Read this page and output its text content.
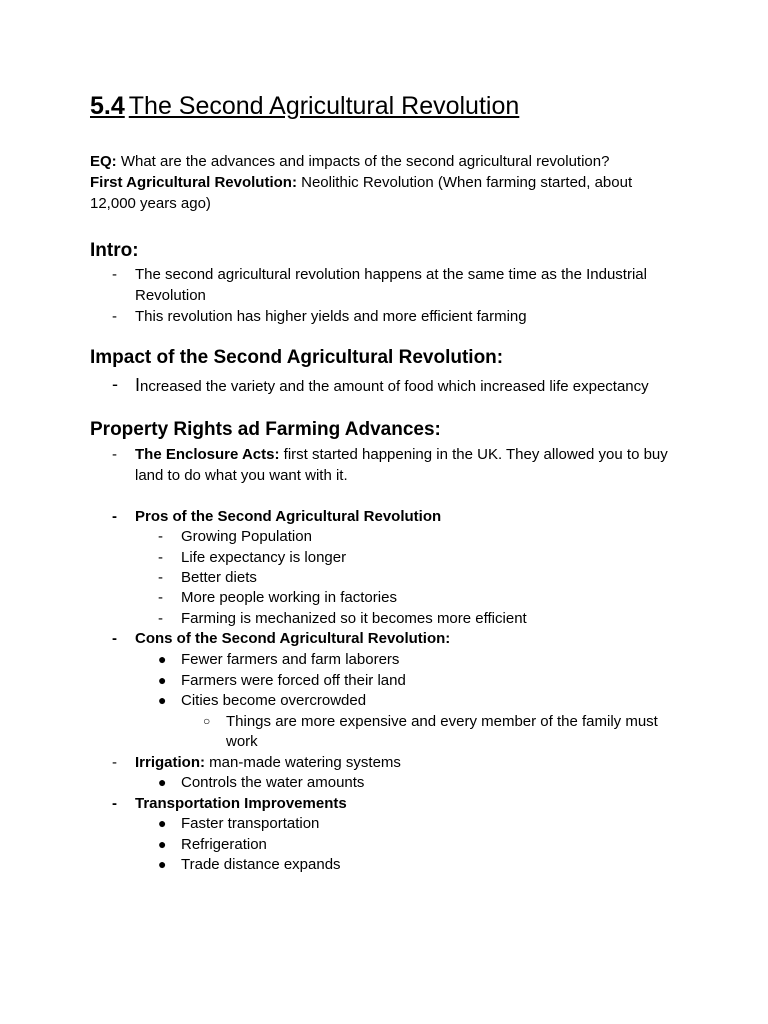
5.4 The Second Agricultural Revolution
EQ: What are the advances and impacts of the second agricultural revolution?
First Agricultural Revolution: Neolithic Revolution (When farming started, about
12,000 years ago)
Intro:
- The second agricultural revolution happens at the same time as the Industrial
Revolution
- This revolution has higher yields and more efficient farming
Impact of the Second Agricultural Revolution:
- Increased the variety and the amount of food which increased life expectancy
Property Rights ad Farming Advances:
- The Enclosure Acts: first started happening in the UK. They allowed you to buy
land to do what you want with it.
- Pros of the Second Agricultural Revolution
- Growing Population
- Life expectancy is longer
- Better diets
- More people working in factories
- Farming is mechanized so it becomes more efficient
- Cons of the Second Agricultural Revolution:
● Fewer farmers and farm laborers
● Farmers were forced off their land
● Cities become overcrowded
○ Things are more expensive and every member of the family must
work
- Irrigation: man-made watering systems
● Controls the water amounts
- Transportation Improvements
● Faster transportation
● Refrigeration
● Trade distance expands
